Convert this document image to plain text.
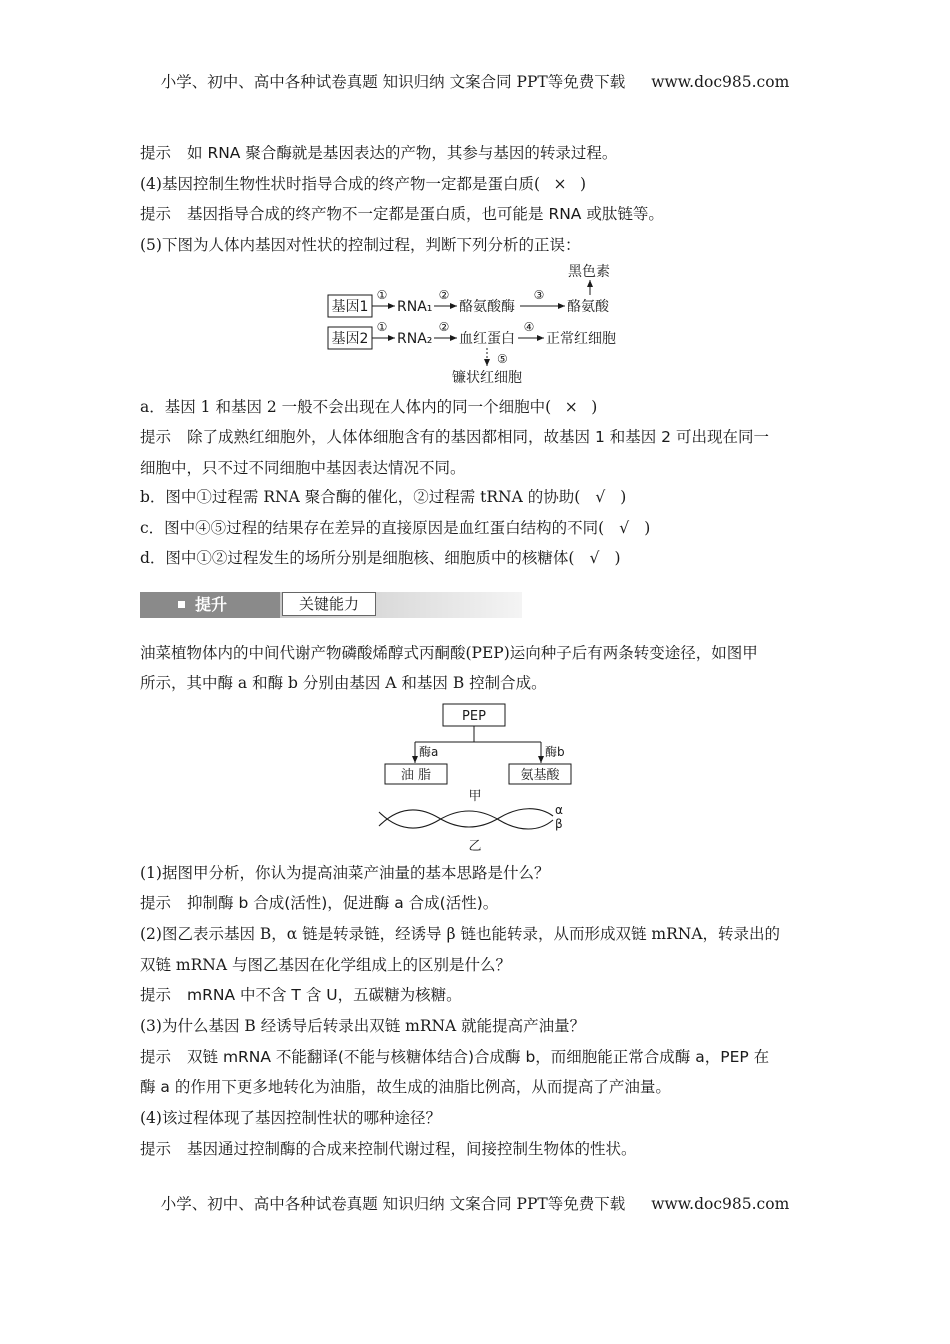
小学、初中、高中各种试卷真题 知识归纳 文案合同 PPT等免费下载 www.doc985.com
提示 如 RNA 聚合酶就是基因表达的产物，其参与基因的转录过程。
(4)基因控制生物性状时指导合成的终产物一定都是蛋白质( × )
提示 基因指导合成的终产物不一定都是蛋白质，也可能是 RNA 或肽链等。
(5)下图为人体内基因对性状的控制过程，判断下列分析的正误：
基因1
①
RNA₁
②
酪氨酸酶
③
酪氨酸
黑色素
基因2
①
RNA₂
②
血红蛋白
④
正常红细胞
⑤
镰状红细胞
a．基因 1 和基因 2 一般不会出现在人体内的同一个细胞中( × )
提示 除了成熟红细胞外，人体体细胞含有的基因都相同，故基因 1 和基因 2 可出现在同一
细胞中，只不过不同细胞中基因表达情况不同。
b．图中①过程需 RNA 聚合酶的催化，②过程需 tRNA 的协助( √ )
c．图中④⑤过程的结果存在差异的直接原因是血红蛋白结构的不同( √ )
d．图中①②过程发生的场所分别是细胞核、细胞质中的核糖体( √ )
提升	关键能力
油菜植物体内的中间代谢产物磷酸烯醇式丙酮酸(PEP)运向种子后有两条转变途径，如图甲
所示，其中酶 a 和酶 b 分别由基因 A 和基因 B 控制合成。
PEP
酶a	酶b
油 脂	氨基酸
甲
α
β
乙
(1)据图甲分析，你认为提高油菜产油量的基本思路是什么？
提示 抑制酶 b 合成(活性)，促进酶 a 合成(活性)。
(2)图乙表示基因 B，α 链是转录链，经诱导 β 链也能转录，从而形成双链 mRNA，转录出的
双链 mRNA 与图乙基因在化学组成上的区别是什么？
提示 mRNA 中不含 T 含 U，五碳糖为核糖。
(3)为什么基因 B 经诱导后转录出双链 mRNA 就能提高产油量？
提示 双链 mRNA 不能翻译(不能与核糖体结合)合成酶 b，而细胞能正常合成酶 a，PEP 在
酶 a 的作用下更多地转化为油脂，故生成的油脂比例高，从而提高了产油量。
(4)该过程体现了基因控制性状的哪种途径？
提示 基因通过控制酶的合成来控制代谢过程，间接控制生物体的性状。
小学、初中、高中各种试卷真题 知识归纳 文案合同 PPT等免费下载 www.doc985.com
